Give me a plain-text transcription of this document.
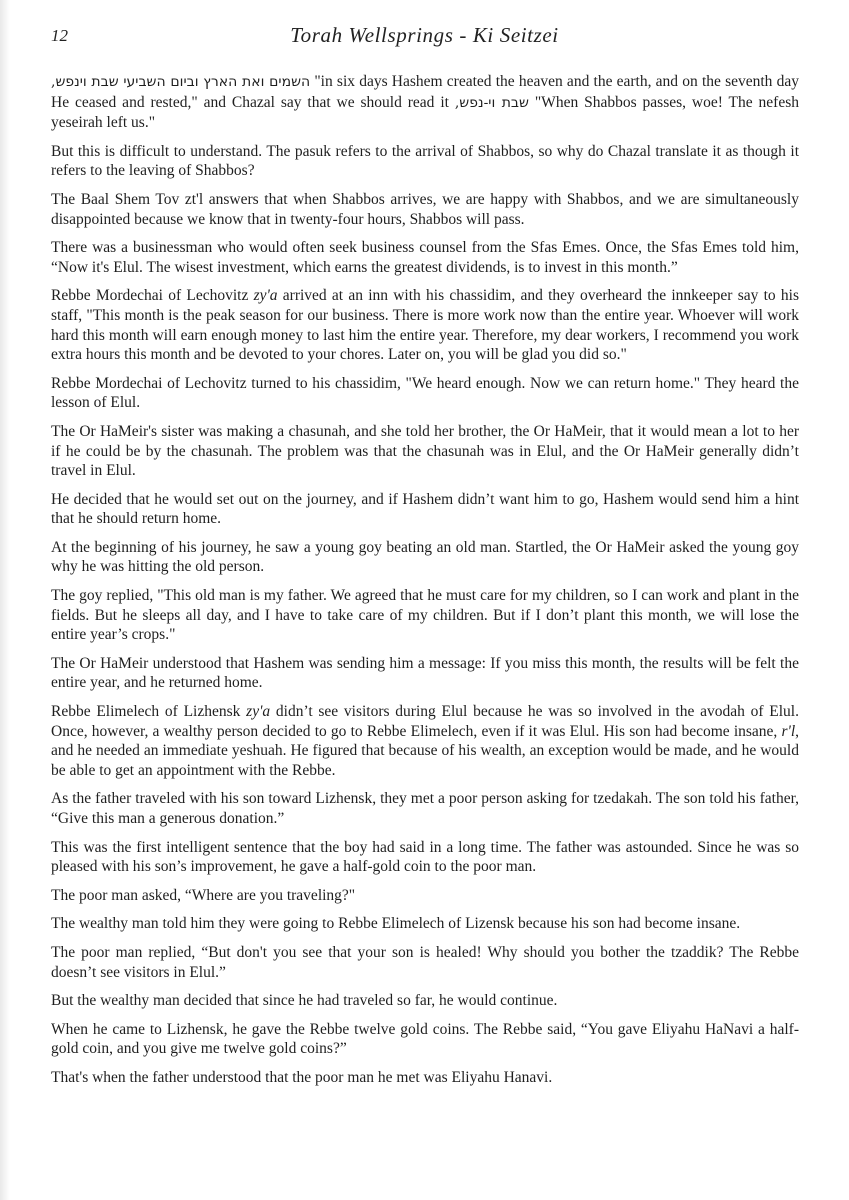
12	Torah Wellsprings - Ki Seitzei

השמים ואת הארץ וביום השביעי שבת וינפש, "in six days Hashem created the heaven and the earth, and on the seventh day He ceased and rested," and Chazal say that we should read it שבת וי-נפש, "When Shabbos passes, woe! The nefesh yeseirah left us."

But this is difficult to understand. The pasuk refers to the arrival of Shabbos, so why do Chazal translate it as though it refers to the leaving of Shabbos?

The Baal Shem Tov zt'l answers that when Shabbos arrives, we are happy with Shabbos, and we are simultaneously disappointed because we know that in twenty-four hours, Shabbos will pass.

There was a businessman who would often seek business counsel from the Sfas Emes. Once, the Sfas Emes told him, “Now it's Elul. The wisest investment, which earns the greatest dividends, is to invest in this month.”

Rebbe Mordechai of Lechovitz zy'a arrived at an inn with his chassidim, and they overheard the innkeeper say to his staff, "This month is the peak season for our business. There is more work now than the entire year. Whoever will work hard this month will earn enough money to last him the entire year. Therefore, my dear workers, I recommend you work extra hours this month and be devoted to your chores. Later on, you will be glad you did so."

Rebbe Mordechai of Lechovitz turned to his chassidim, "We heard enough. Now we can return home." They heard the lesson of Elul.

The Or HaMeir's sister was making a chasunah, and she told her brother, the Or HaMeir, that it would mean a lot to her if he could be by the chasunah. The problem was that the chasunah was in Elul, and the Or HaMeir generally didn’t travel in Elul.

He decided that he would set out on the journey, and if Hashem didn’t want him to go, Hashem would send him a hint that he should return home.

At the beginning of his journey, he saw a young goy beating an old man. Startled, the Or HaMeir asked the young goy why he was hitting the old person.

The goy replied, "This old man is my father. We agreed that he must care for my children, so I can work and plant in the fields. But he sleeps all day, and I have to take care of my children. But if I don’t plant this month, we will lose the entire year’s crops."

The Or HaMeir understood that Hashem was sending him a message: If you miss this month, the results will be felt the entire year, and he returned home.

Rebbe Elimelech of Lizhensk zy'a didn’t see visitors during Elul because he was so involved in the avodah of Elul. Once, however, a wealthy person decided to go to Rebbe Elimelech, even if it was Elul. His son had become insane, r'l, and he needed an immediate yeshuah. He figured that because of his wealth, an exception would be made, and he would be able to get an appointment with the Rebbe.

As the father traveled with his son toward Lizhensk, they met a poor person asking for tzedakah. The son told his father, “Give this man a generous donation.”

This was the first intelligent sentence that the boy had said in a long time. The father was astounded. Since he was so pleased with his son’s improvement, he gave a half-gold coin to the poor man.

The poor man asked, “Where are you traveling?"

The wealthy man told him they were going to Rebbe Elimelech of Lizensk because his son had become insane.

The poor man replied, “But don't you see that your son is healed! Why should you bother the tzaddik? The Rebbe doesn’t see visitors in Elul.”

But the wealthy man decided that since he had traveled so far, he would continue.

When he came to Lizhensk, he gave the Rebbe twelve gold coins. The Rebbe said, “You gave Eliyahu HaNavi a half-gold coin, and you give me twelve gold coins?”

That's when the father understood that the poor man he met was Eliyahu Hanavi.
